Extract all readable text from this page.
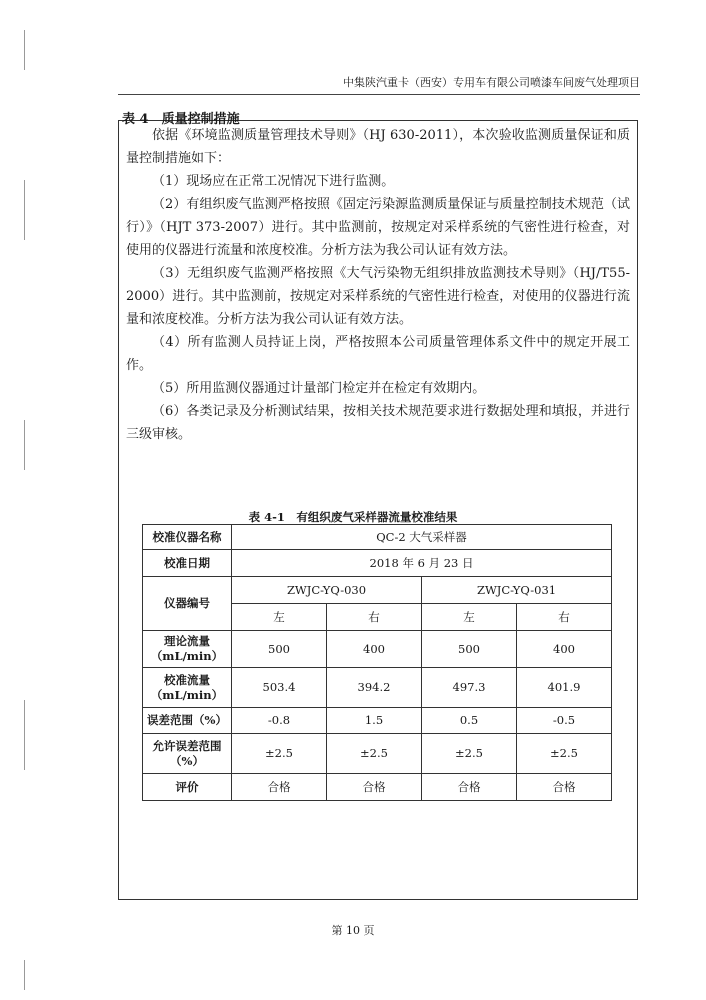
中集陕汽重卡（西安）专用车有限公司喷漆车间废气处理项目
表 4　质量控制措施

依据《环境监测质量管理技术导则》（HJ 630-2011），本次验收监测质量保证和质量控制措施如下：

（1）现场应在正常工况情况下进行监测。

（2）有组织废气监测严格按照《固定污染源监测质量保证与质量控制技术规范（试行）》（HJT 373-2007）进行。其中监测前，按规定对采样系统的气密性进行检查，对使用的仪器进行流量和浓度校准。分析方法为我公司认证有效方法。

（3）无组织废气监测严格按照《大气污染物无组织排放监测技术导则》（HJ/T55-2000）进行。其中监测前，按规定对采样系统的气密性进行检查，对使用的仪器进行流量和浓度校准。分析方法为我公司认证有效方法。

（4）所有监测人员持证上岗，严格按照本公司质量管理体系文件中的规定开展工作。

（5）所用监测仪器通过计量部门检定并在检定有效期内。

（6）各类记录及分析测试结果，按相关技术规范要求进行数据处理和填报，并进行三级审核。

表 4-1　有组织废气采样器流量校准结果
校准仪器名称	QC-2 大气采样器			
校准日期	2018 年 6 月 23 日			
仪器编号	ZWJC-YQ-030		ZWJC-YQ-031	
	左	右	左	右

理论流量
（mL/min）	500	400	500	400

校准流量
（mL/min）	503.4	394.2	497.3	401.9

误差范围（%）	-0.8	1.5	0.5	-0.5

允许误差范围
（%）	±2.5	±2.5	±2.5	±2.5

评价	合格	合格	合格	合格
第 10 页
